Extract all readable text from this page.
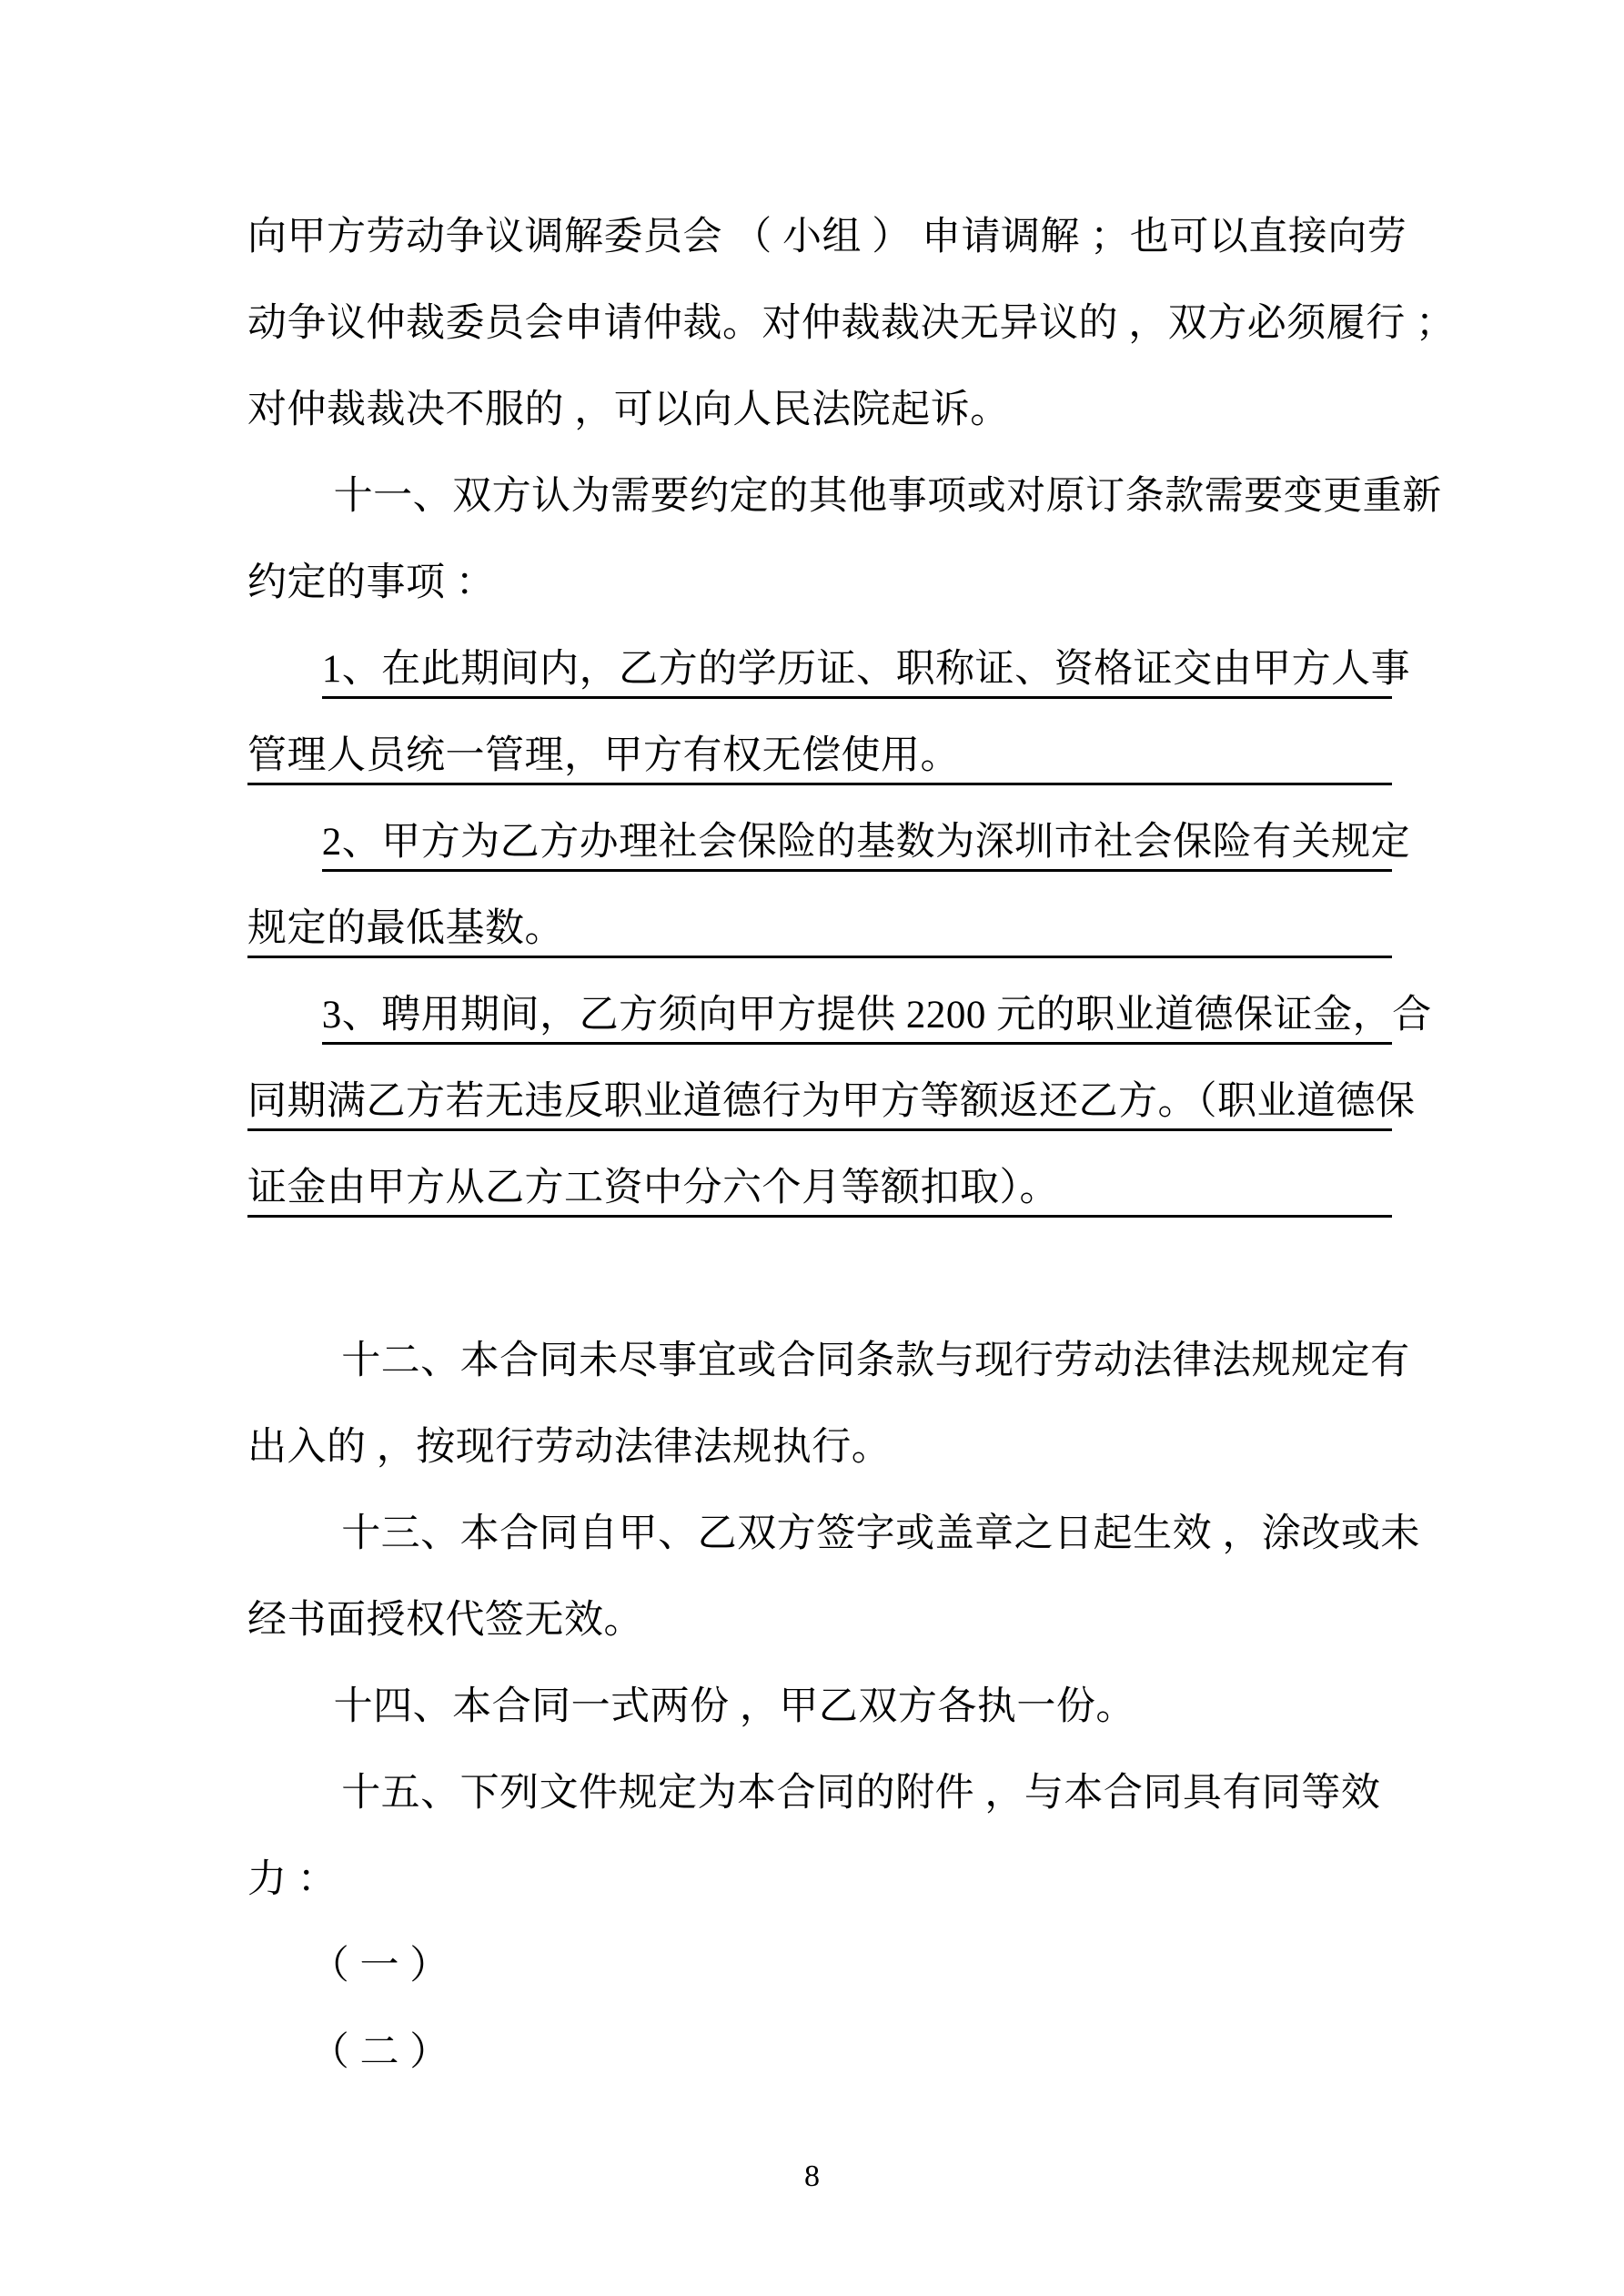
向甲方劳动争议调解委员会 （ 小组 ） 申请调解 ；也可以直接向劳
动争议仲裁委员会申请仲裁。对仲裁裁决无异议的 ，双方必须履行 ；
对仲裁裁决不服的 ，可以向人民法院起诉。
十一、双方认为需要约定的其他事项或对原订条款需要变更重新
约定的事项 ：
1、在此期间内，乙方的学历证、职称证、资格证交由甲方人事
管理人员统一管理，甲方有权无偿使用。
2、甲方为乙方办理社会保险的基数为深圳市社会保险有关规定
规定的最低基数。
3、聘用期间，乙方须向甲方提供 2200 元的职业道德保证金，合
同期满乙方若无违反职业道德行为甲方等额返还乙方。（职业道德保
证金由甲方从乙方工资中分六个月等额扣取）。
十二、本合同未尽事宜或合同条款与现行劳动法律法规规定有
出入的 ，按现行劳动法律法规执行。
十三、本合同自甲、乙双方签字或盖章之日起生效 ，涂改或未
经书面授权代签无效。
十四、本合同一式两份 ，甲乙双方各执一份。
十五、下列文件规定为本合同的附件 ，与本合同具有同等效
力 ：
（ 一 ）
（ 二 ）
8
